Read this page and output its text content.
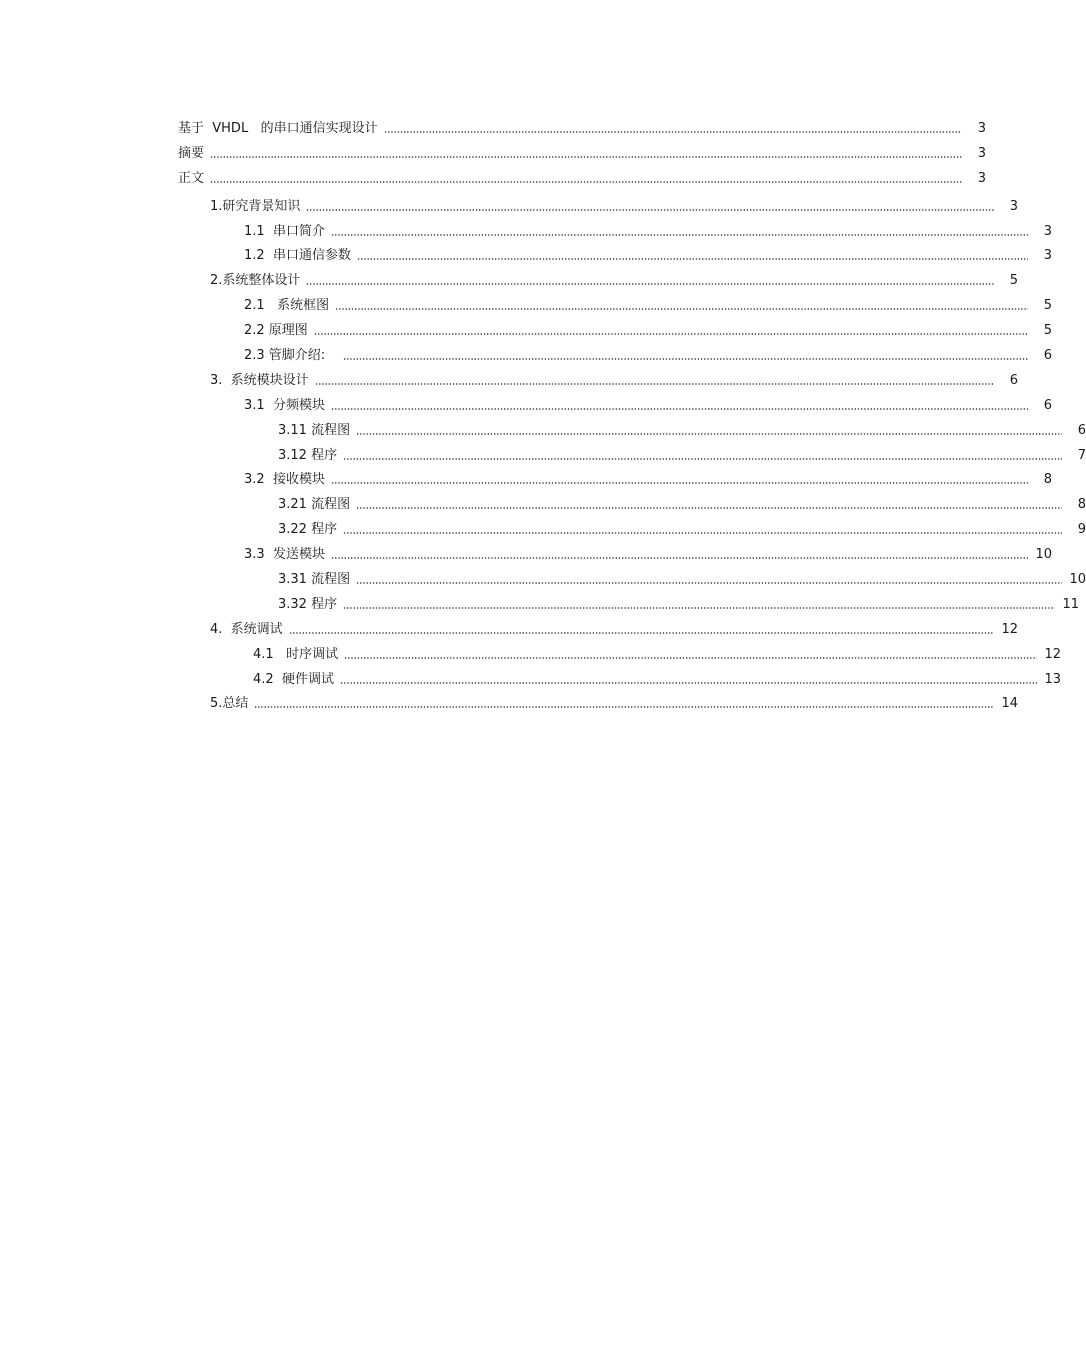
基于  VHDL   的串口通信实现设计	3
摘要	3
正文	3
1.研究背景知识	3
1.1  串口简介	3
1.2  串口通信参数	3
2.系统整体设计	5
2.1   系统框图	5
2.2 原理图	5
2.3 管脚介绍:	6
3.  系统模块设计	6
3.1  分频模块	6
3.11 流程图	6
3.12 程序	7
3.2  接收模块	8
3.21 流程图	8
3.22 程序	9
3.3  发送模块	10
3.31 流程图	10
3.32 程序	11
4.  系统调试	12
4.1   时序调试	12
4.2  硬件调试	13
5.总结	14
